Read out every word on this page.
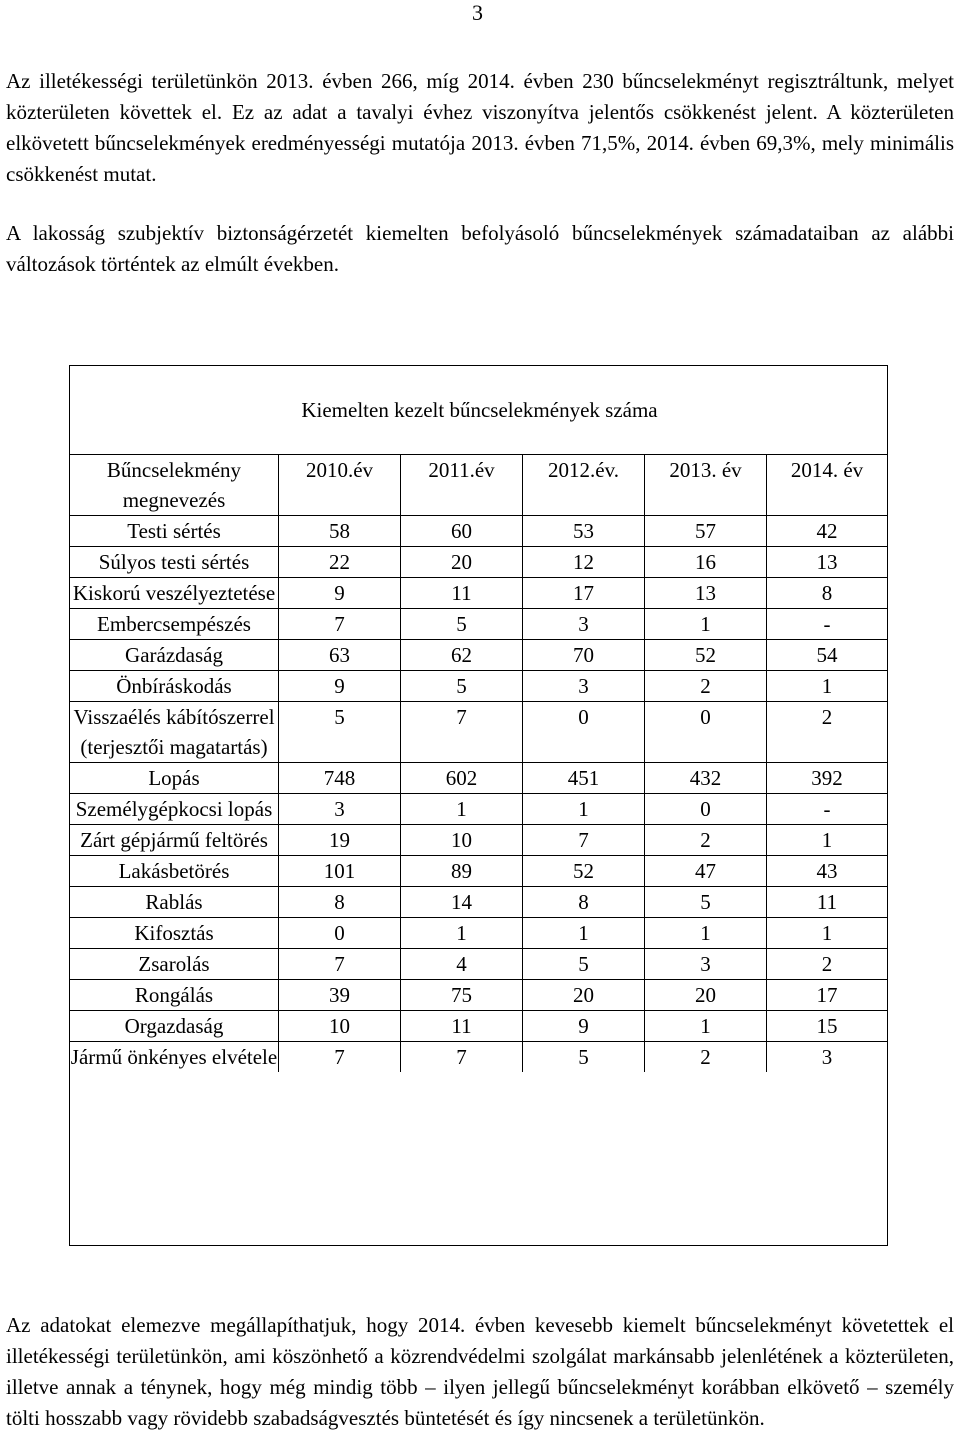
3

Az illetékességi területünkön 2013. évben 266, míg 2014. évben 230 bűncselekményt regisztráltunk, melyet közterületen követtek el. Ez az adat a tavalyi évhez viszonyítva jelentős csökkenést jelent. A közterületen elkövetett bűncselekmények eredményességi mutatója 2013. évben 71,5%, 2014. évben 69,3%, mely minimális csökkenést mutat.

A lakosság szubjektív biztonságérzetét kiemelten befolyásoló bűncselekmények számadataiban az alábbi változások történtek az elmúlt években.

Kiemelten kezelt bűncselekmények száma
Bűncselekmény megnevezés	2010.év	2011.év	2012.év.	2013. év	2014. év
Testi sértés	58	60	53	57	42
Súlyos testi sértés	22	20	12	16	13
Kiskorú veszélyeztetése	9	11	17	13	8
Embercsempészés	7	5	3	1	-
Garázdaság	63	62	70	52	54
Önbíráskodás	9	5	3	2	1
Visszaélés kábítószerrel (terjesztői magatartás)	5	7	0	0	2
Lopás	748	602	451	432	392
Személygépkocsi lopás	3	1	1	0	-
Zárt gépjármű feltörés	19	10	7	2	1
Lakásbetörés	101	89	52	47	43
Rablás	8	14	8	5	11
Kifosztás	0	1	1	1	1
Zsarolás	7	4	5	3	2
Rongálás	39	75	20	20	17
Orgazdaság	10	11	9	1	15
Jármű önkényes elvétele	7	7	5	2	3

Az adatokat elemezve megállapíthatjuk, hogy 2014. évben kevesebb kiemelt bűncselekményt követettek el illetékességi területünkön, ami köszönhető a közrendvédelmi szolgálat markánsabb jelenlétének a közterületen, illetve annak a ténynek, hogy még mindig több – ilyen jellegű bűncselekményt korábban elkövető – személy tölti hosszabb vagy rövidebb szabadságvesztés büntetését és így nincsenek a területünkön.
